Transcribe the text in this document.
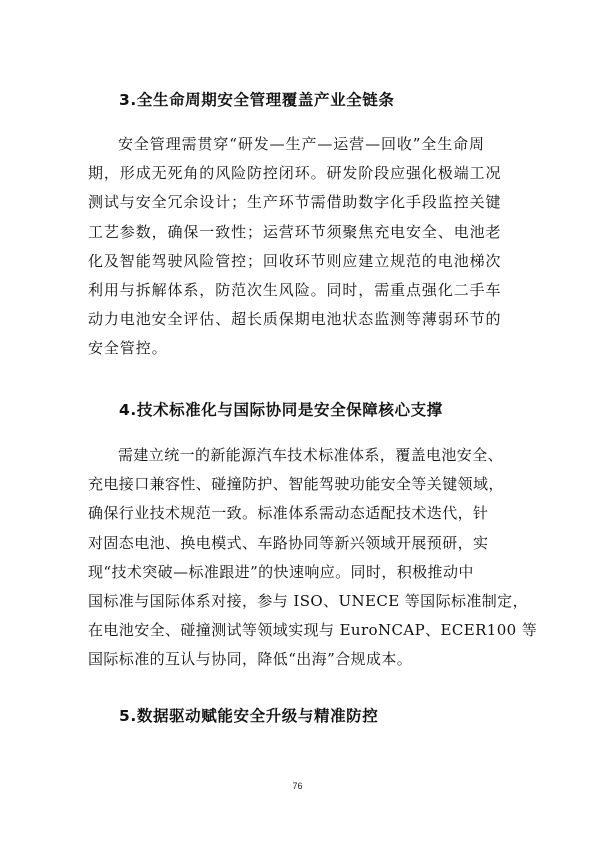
3.全生命周期安全管理覆盖产业全链条

安全管理需贯穿“研发—生产—运营—回收”全生命周
期，形成无死角的风险防控闭环。研发阶段应强化极端工况
测试与安全冗余设计；生产环节需借助数字化手段监控关键
工艺参数，确保一致性；运营环节须聚焦充电安全、电池老
化及智能驾驶风险管控；回收环节则应建立规范的电池梯次
利用与拆解体系，防范次生风险。同时，需重点强化二手车
动力电池安全评估、超长质保期电池状态监测等薄弱环节的
安全管控。

4.技术标准化与国际协同是安全保障核心支撑

需建立统一的新能源汽车技术标准体系，覆盖电池安全、
充电接口兼容性、碰撞防护、智能驾驶功能安全等关键领域，
确保行业技术规范一致。标准体系需动态适配技术迭代，针
对固态电池、换电模式、车路协同等新兴领域开展预研，实
现“技术突破—标准跟进”的快速响应。同时，积极推动中
国标准与国际体系对接，参与 ISO、UNECE 等国际标准制定，
在电池安全、碰撞测试等领域实现与 EuroNCAP、ECER100 等
国际标准的互认与协同，降低“出海”合规成本。

5.数据驱动赋能安全升级与精准防控
76
